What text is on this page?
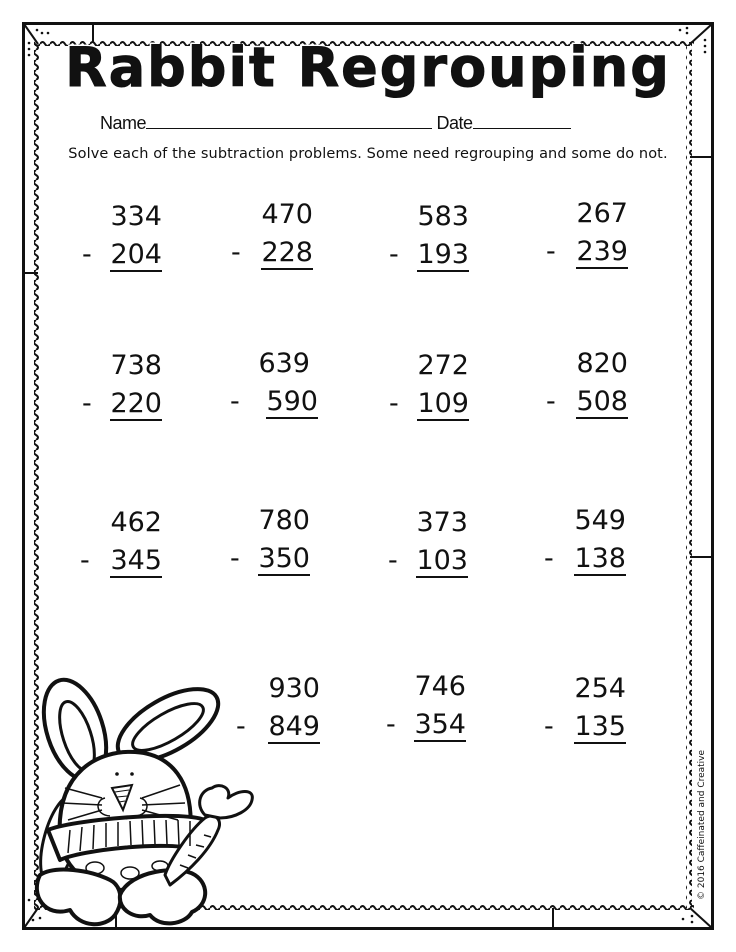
Rabbit Regrouping
Name	Date
Solve each of the subtraction problems. Some need regrouping and some do not.
334
- 204
470
- 228
583
- 193
267
- 239
738
- 220
639
- 590
272
- 109
820
- 508
462
- 345
780
- 350
373
- 103
549
- 138
930
- 849
746
- 354
254
- 135
© 2016 Caffeinated and Creative
